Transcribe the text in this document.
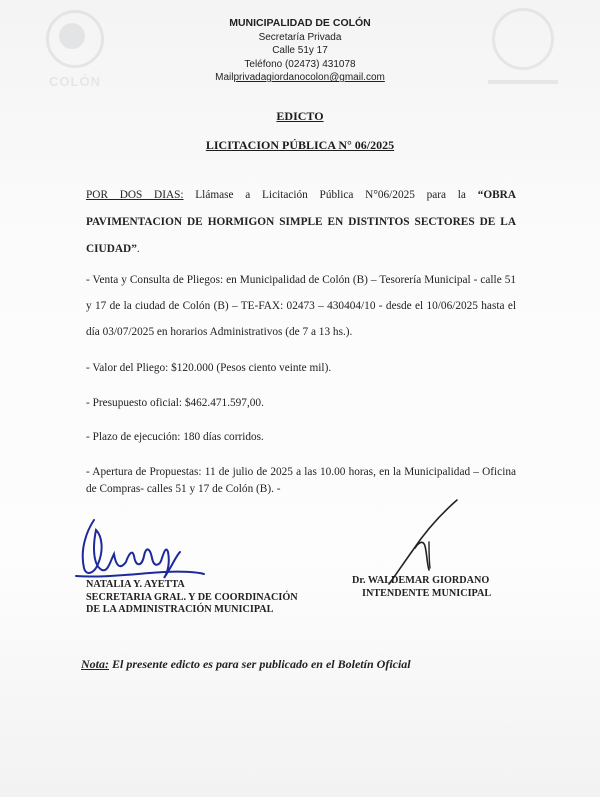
COLÓN
MUNICIPALIDAD DE COLÓN
Secretaría Privada
Calle 51y 17
Teléfono (02473) 431078
Mailprivadagiordanocolon@gmail.com
EDICTO
LICITACION PÚBLICA N° 06/2025
POR DOS DIAS: Llámase a Licitación Pública N°06/2025 para la “OBRA PAVIMENTACION DE HORMIGON SIMPLE EN DISTINTOS SECTORES DE LA CIUDAD”.
- Venta y Consulta de Pliegos: en Municipalidad de Colón (B) – Tesorería Municipal - calle 51 y 17 de la ciudad de Colón (B) – TE-FAX: 02473 – 430404/10 - desde el 10/06/2025 hasta el día 03/07/2025 en horarios Administrativos (de 7 a 13 hs.).
- Valor del Pliego: $120.000 (Pesos ciento veinte mil).
- Presupuesto oficial: $462.471.597,00.
- Plazo de ejecución: 180 días corridos.
- Apertura de Propuestas: 11 de julio de 2025 a las 10.00 horas, en la Municipalidad – Oficina de Compras- calles 51 y 17 de Colón (B). -
NATALIA Y. AYETTA
SECRETARIA GRAL. Y DE COORDINACIÓN
DE LA ADMINISTRACIÓN MUNICIPAL
Dr. WALDEMAR GIORDANO
INTENDENTE MUNICIPAL
Nota: El presente edicto es para ser publicado en el Boletín Oficial
